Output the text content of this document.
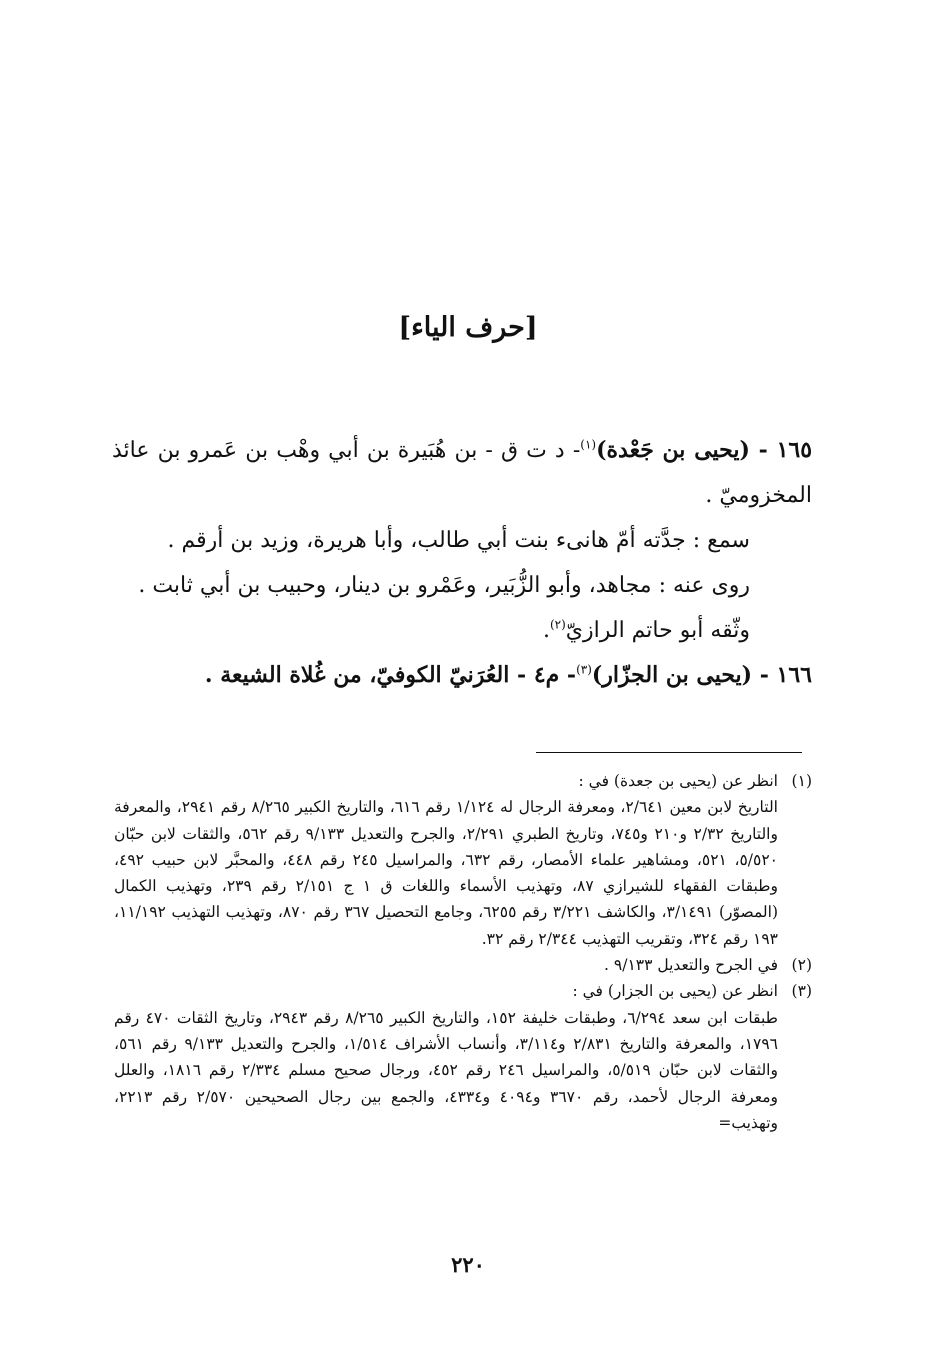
[حرف الياء]

١٦٥ - (يحيى بن جَعْدة)$^{(١)}$- د ت ق - بن هُبَيرة بن أبي وهْب بن عَمرو بن عائذ المخزوميّ .

سمع : جدَّته أمّ هانىء بنت أبي طالب، وأبا هريرة، وزيد بن أرقم .

روى عنه : مجاهد، وأبو الزُّبَير، وعَمْرو بن دينار، وحبيب بن أبي ثابت .

وثّقه أبو حاتم الرازيّ$^{(٢)}$.

١٦٦ - (يحيى بن الجزّار)$^{(٣)}$- م٤ - العُرَنيّ الكوفيّ، من غُلاة الشيعة .

(١)
انظر عن (يحيى بن جعدة) في :

التاريخ لابن معين ٢/٦٤١، ومعرفة الرجال له ١/١٢٤ رقم ٦١٦، والتاريخ الكبير ٨/٢٦٥ رقم ٢٩٤١، والمعرفة والتاريخ ٢/٣٢ و٢١٠ و٧٤٥، وتاريخ الطبري ٢/٢٩١، والجرح والتعديل ٩/١٣٣ رقم ٥٦٢، والثقات لابن حبّان ٥/٥٢٠، ٥٢١، ومشاهير علماء الأمصار، رقم ٦٣٢، والمراسيل ٢٤٥ رقم ٤٤٨، والمحبَّر لابن حبيب ٤٩٢، وطبقات الفقهاء للشيرازي ٨٧، وتهذيب الأسماء واللغات ق ١ ج ٢/١٥١ رقم ٢٣٩، وتهذيب الكمال (المصوّر) ٣/١٤٩١، والكاشف ٣/٢٢١ رقم ٦٢٥٥، وجامع التحصيل ٣٦٧ رقم ٨٧٠، وتهذيب التهذيب ١١/١٩٢، ١٩٣ رقم ٣٢٤، وتقريب التهذيب ٢/٣٤٤ رقم ٣٢.

(٢)
في الجرح والتعديل ٩/١٣٣ .
(٣)
انظر عن (يحيى بن الجزار) في :

طبقات ابن سعد ٦/٢٩٤، وطبقات خليفة ١٥٢، والتاريخ الكبير ٨/٢٦٥ رقم ٢٩٤٣، وتاريخ الثقات ٤٧٠ رقم ١٧٩٦، والمعرفة والتاريخ ٢/٨٣١ و٣/١١٤، وأنساب الأشراف ١/٥١٤، والجرح والتعديل ٩/١٣٣ رقم ٥٦١، والثقات لابن حبّان ٥/٥١٩، والمراسيل ٢٤٦ رقم ٤٥٢، ورجال صحيح مسلم ٢/٣٣٤ رقم ١٨١٦، والعلل ومعرفة الرجال لأحمد، رقم ٣٦٧٠ و٤٠٩٤ و٤٣٣٤، والجمع بين رجال الصحيحين ٢/٥٧٠ رقم ٢٢١٣، وتهذيب=

٢٢٠
